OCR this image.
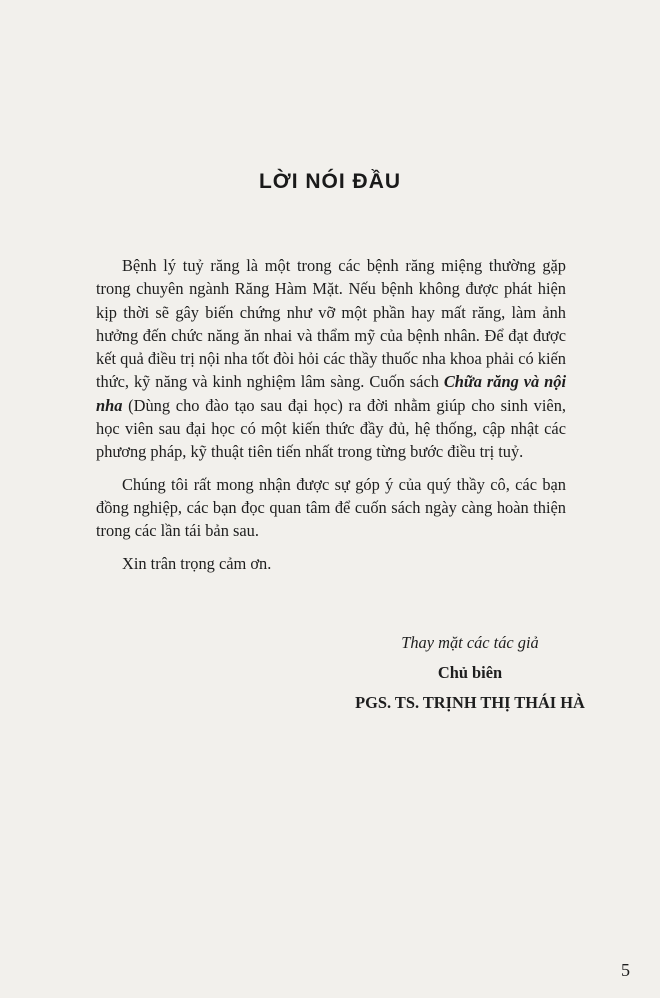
LỜI NÓI ĐẦU

Bệnh lý tuỷ răng là một trong các bệnh răng miệng thường gặp trong chuyên ngành Răng Hàm Mặt. Nếu bệnh không được phát hiện kịp thời sẽ gây biến chứng như vỡ một phần hay mất răng, làm ảnh hưởng đến chức năng ăn nhai và thẩm mỹ của bệnh nhân. Để đạt được kết quả điều trị nội nha tốt đòi hỏi các thầy thuốc nha khoa phải có kiến thức, kỹ năng và kinh nghiệm lâm sàng. Cuốn sách Chữa răng và nội nha (Dùng cho đào tạo sau đại học) ra đời nhằm giúp cho sinh viên, học viên sau đại học có một kiến thức đầy đủ, hệ thống, cập nhật các phương pháp, kỹ thuật tiên tiến nhất trong từng bước điều trị tuỷ.

Chúng tôi rất mong nhận được sự góp ý của quý thầy cô, các bạn đồng nghiệp, các bạn đọc quan tâm để cuốn sách ngày càng hoàn thiện trong các lần tái bản sau.

Xin trân trọng cảm ơn.

Thay mặt các tác giả
Chủ biên
PGS. TS. TRỊNH THỊ THÁI HÀ
5
